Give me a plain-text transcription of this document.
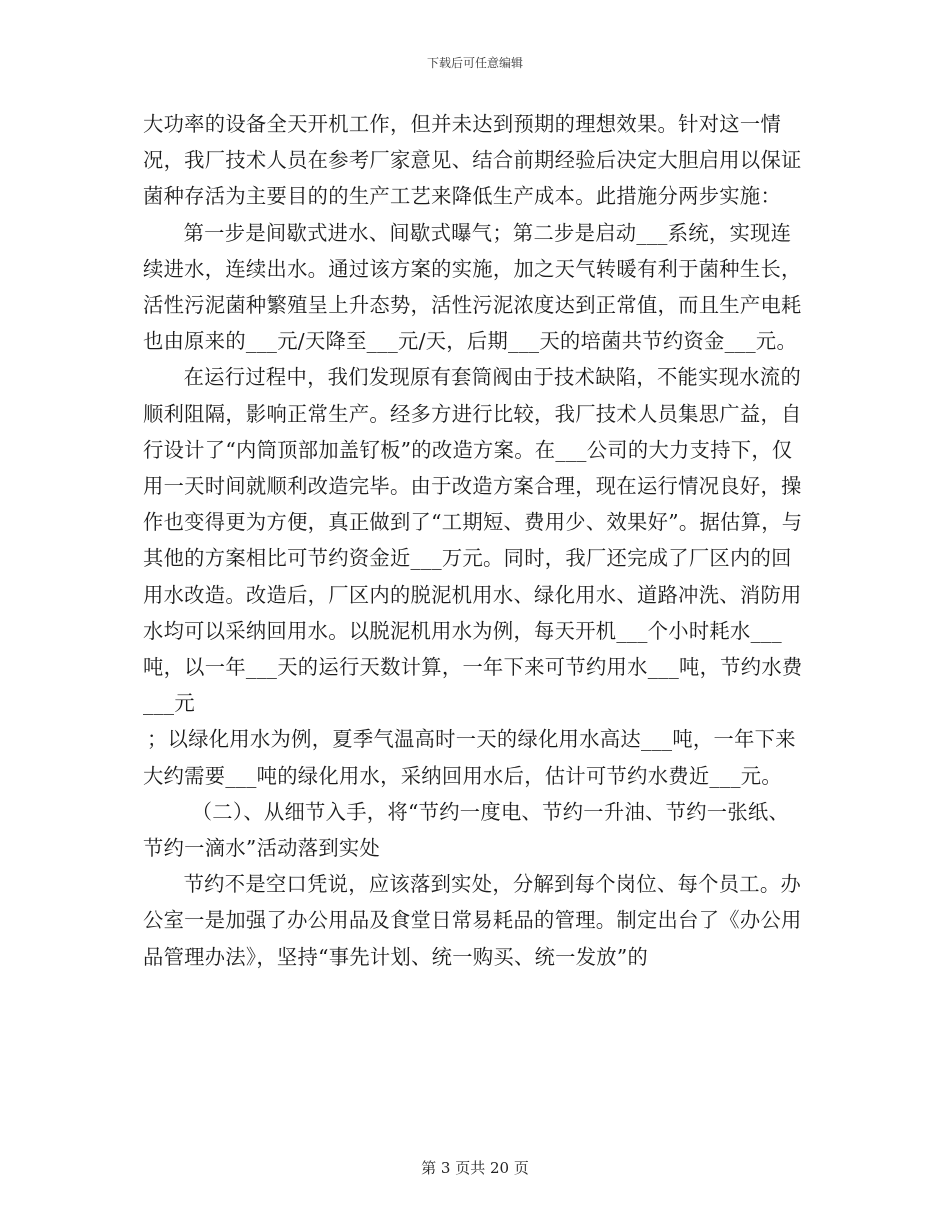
下载后可任意编辑

大功率的设备全天开机工作，但并未达到预期的理想效果。针对这一情况，我厂技术人员在参考厂家意见、结合前期经验后决定大胆启用以保证菌种存活为主要目的的生产工艺来降低生产成本。此措施分两步实施：

第一步是间歇式进水、间歇式曝气；第二步是启动___系统，实现连续进水，连续出水。通过该方案的实施，加之天气转暖有利于菌种生长，活性污泥菌种繁殖呈上升态势，活性污泥浓度达到正常值，而且生产电耗也由原来的___元/天降至___元/天，后期___天的培菌共节约资金___元。

在运行过程中，我们发现原有套筒阀由于技术缺陷，不能实现水流的顺利阻隔，影响正常生产。经多方进行比较，我厂技术人员集思广益，自行设计了“内筒顶部加盖钌板”的改造方案。在___公司的大力支持下，仅用一天时间就顺利改造完毕。由于改造方案合理，现在运行情况良好，操作也变得更为方便，真正做到了“工期短、费用少、效果好”。据估算，与其他的方案相比可节约资金近___万元。同时，我厂还完成了厂区内的回用水改造。改造后，厂区内的脱泥机用水、绿化用水、道路冲洗、消防用水均可以采纳回用水。以脱泥机用水为例，每天开机___个小时耗水___吨，以一年___天的运行天数计算，一年下来可节约用水___吨，节约水费___元

；以绿化用水为例，夏季气温高时一天的绿化用水高达___吨，一年下来大约需要___吨的绿化用水，采纳回用水后，估计可节约水费近___元。

（二）、从细节入手，将“节约一度电、节约一升油、节约一张纸、节约一滴水”活动落到实处

节约不是空口凭说，应该落到实处，分解到每个岗位、每个员工。办公室一是加强了办公用品及食堂日常易耗品的管理。制定出台了《办公用品管理办法》，坚持“事先计划、统一购买、统一发放”的

第 3 页共 20 页
